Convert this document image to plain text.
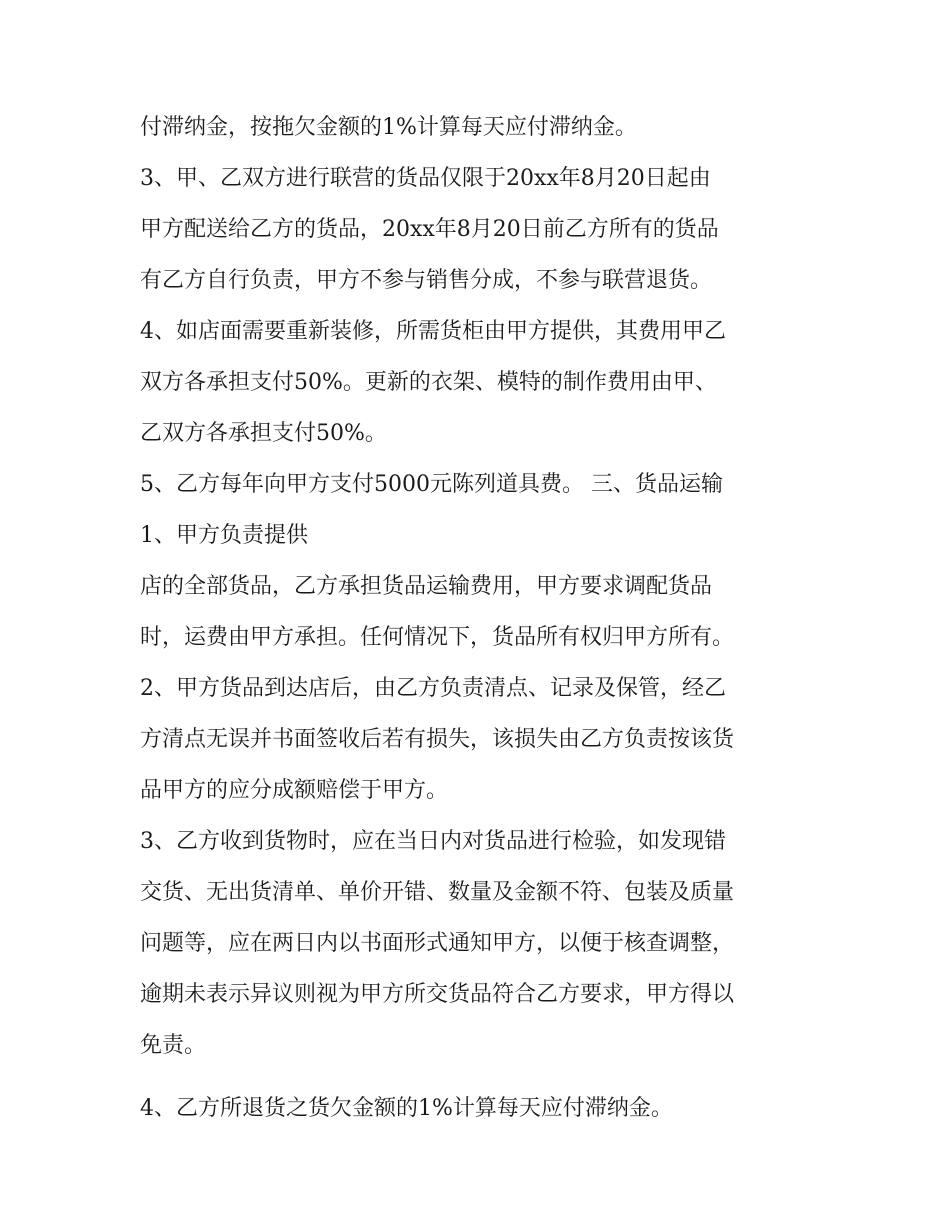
付滞纳金，按拖欠金额的1%计算每天应付滞纳金。
3、甲、乙双方进行联营的货品仅限于20xx年8月20日起由
甲方配送给乙方的货品，20xx年8月20日前乙方所有的货品
有乙方自行负责，甲方不参与销售分成，不参与联营退货。
4、如店面需要重新装修，所需货柜由甲方提供，其费用甲乙
双方各承担支付50%。更新的衣架、模特的制作费用由甲、
乙双方各承担支付50%。
5、乙方每年向甲方支付5000元陈列道具费。 三、货品运输
1、甲方负责提供
店的全部货品，乙方承担货品运输费用，甲方要求调配货品
时，运费由甲方承担。任何情况下，货品所有权归甲方所有。
2、甲方货品到达店后，由乙方负责清点、记录及保管，经乙
方清点无误并书面签收后若有损失，该损失由乙方负责按该货
品甲方的应分成额赔偿于甲方。
3、乙方收到货物时，应在当日内对货品进行检验，如发现错
交货、无出货清单、单价开错、数量及金额不符、包装及质量
问题等，应在两日内以书面形式通知甲方，以便于核查调整，
逾期未表示异议则视为甲方所交货品符合乙方要求，甲方得以
免责。
4、乙方所退货之货欠金额的1%计算每天应付滞纳金。
